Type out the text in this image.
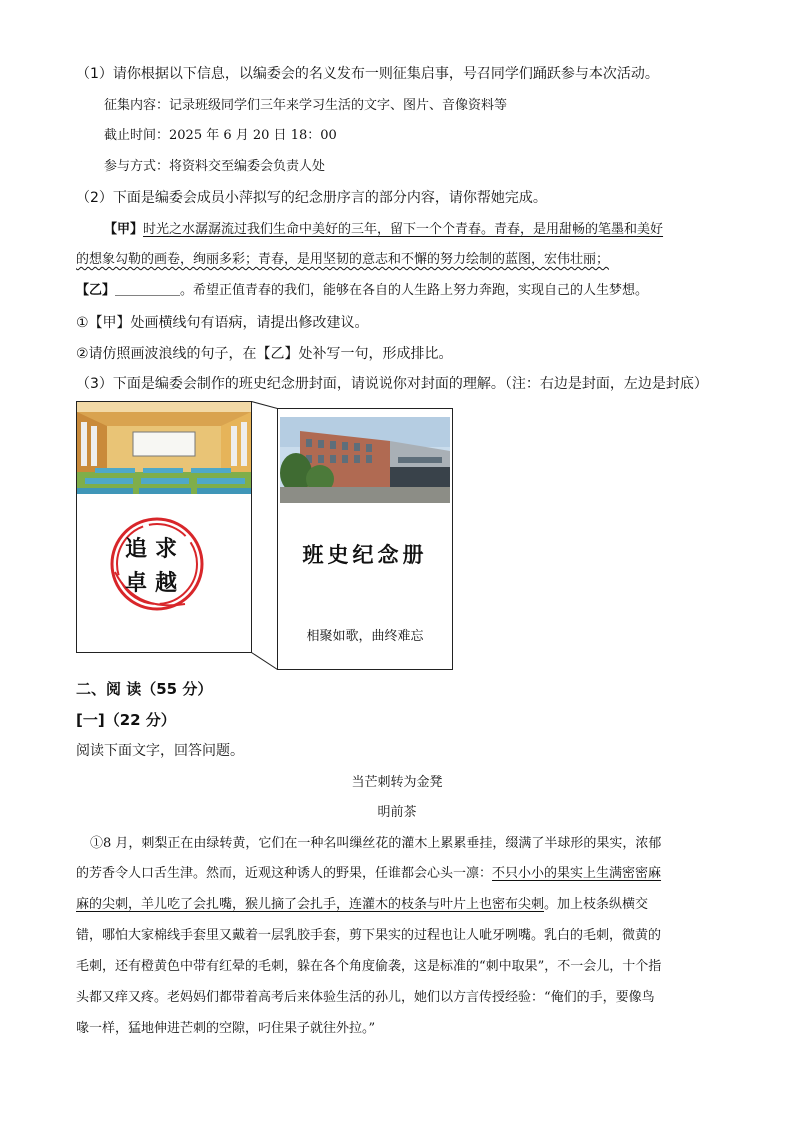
（1）请你根据以下信息，以编委会的名义发布一则征集启事，号召同学们踊跃参与本次活动。
征集内容：记录班级同学们三年来学习生活的文字、图片、音像资料等
截止时间：2025 年 6 月 20 日 18：00
参与方式：将资料交至编委会负责人处
（2）下面是编委会成员小萍拟写的纪念册序言的部分内容，请你帮她完成。
【甲】时光之水潺潺流过我们生命中美好的三年，留下一个个青春。青春，是用甜畅的笔墨和美好
的想象勾勒的画卷，绚丽多彩；青春，是用坚韧的意志和不懈的努力绘制的蓝图，宏伟壮丽；
【乙】＿＿＿＿＿。希望正值青春的我们，能够在各自的人生路上努力奔跑，实现自己的人生梦想。
①【甲】处画横线句有语病，请提出修改建议。
②请仿照画波浪线的句子，在【乙】处补写一句，形成排比。
（3）下面是编委会制作的班史纪念册封面，请说说你对封面的理解。（注：右边是封面，左边是封底）
追求
卓越
班史纪念册
相聚如歌，曲终难忘
二、阅 读（55 分）
[一]（22 分）
阅读下面文字，回答问题。
当芒刺转为金凳
明前茶
①8 月，刺梨正在由绿转黄，它们在一种名叫缫丝花的灌木上累累垂挂，缀满了半球形的果实，浓郁
的芳香令人口舌生津。然而，近观这种诱人的野果，任谁都会心头一凛：不只小小的果实上生满密密麻
麻的尖刺，羊儿吃了会扎嘴，猴儿摘了会扎手，连灌木的枝条与叶片上也密布尖刺。加上枝条纵横交
错，哪怕大家棉线手套里又戴着一层乳胶手套，剪下果实的过程也让人呲牙咧嘴。乳白的毛刺，微黄的
毛刺，还有橙黄色中带有红晕的毛刺，躲在各个角度偷袭，这是标准的“刺中取果”，不一会儿，十个指
头都又痒又疼。老妈妈们都带着高考后来体验生活的孙儿，她们以方言传授经验：“俺们的手，要像鸟
喙一样，猛地伸进芒刺的空隙，叼住果子就往外拉。”
